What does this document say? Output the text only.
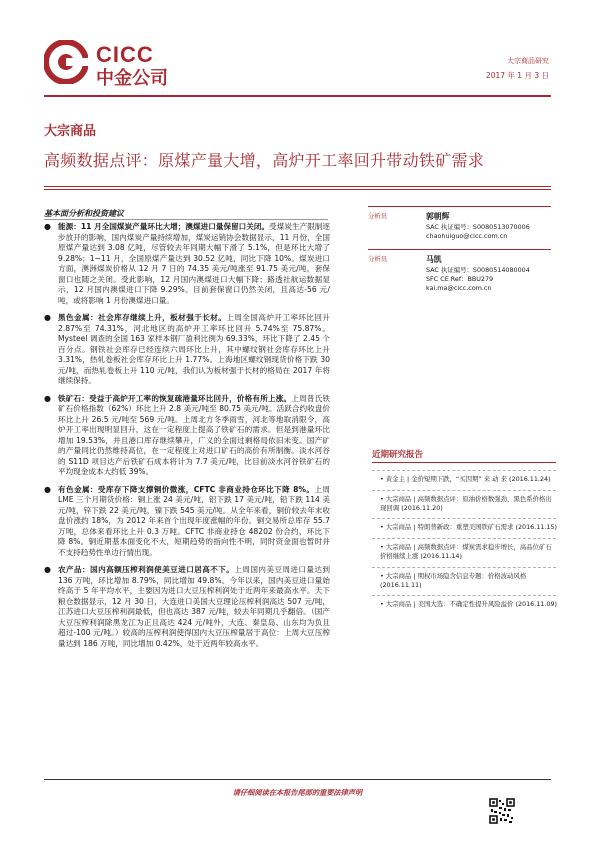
CICC
中金公司
大宗商品研究
2017 年 1 月 3 日
大宗商品
高频数据点评：原煤产量大增，高炉开工率回升带动铁矿需求
基本面分析和投资建议
● 能源：11 月全国煤炭产量环比大增；澳煤进口量保留口关闭。受煤炭生产限制逐步放开的影响，国内煤炭产量持续增加，煤炭运销协会数据显示，11 月份，全国原煤产量达到 3.08 亿吨，尽管较去年同期大幅下滑了 5.1%，但是环比大增了 9.28%；1~11 月，全国原煤产量达到 30.52 亿吨，同比下降 10%。煤炭进口方面，澳洲煤炭价格从 12 月 7 日的 74.35 美元/吨涨至 91.75 美元/吨，套保窗口也随之关闭。受此影响，12 月国内澳煤进口大幅下降；路透社航运数据显示，12 月国内澳煤进口下降 9.29%。目前套保窗口仍然关闭，且高达-56 元/吨，或将影响 1 月份澳煤进口量。
● 黑色金属：社会库存继续上升，板材强于长材。上周全国高炉开工率环比回升 2.87%至 74.31%，河北地区的高炉开工率环比回升 5.74%至 75.87%。Mysteel 调查的全国 163 家样本钢厂盈利比例为 69.33%，环比下降了 2.45 个百分点。钢铁社会库存已经连续六周环比上升，其中螺纹钢社会库存环比上升 3.31%，热轧卷板社会库存环比上升 1.77%。上海地区螺纹钢现货价格下跌 30 元/吨，而热轧卷板上升 110 元/吨，我们认为板材强于长材的格局在 2017 年将继续保持。
● 铁矿石：受益于高炉开工率的恢复疏港量环比回升，价格有所上涨。上周普氏铁矿石价格指数（62%）环比上升 2.8 美元/吨至 80.75 美元/吨。活跃合约收盘价环比上升 26.5 元/吨至 569 元/吨。上周北方冬季雨雪，河北等地取消限令，高炉开工率出现明显回升，这在一定程度上提高了铁矿石的需求。但是到港量环比增加 19.53%，并且港口库存继续攀升，广义的全面过剩格局依旧未变。国产矿的产量同比仍然维持高位，在一定程度上对进口矿石的高价有所制衡。淡水河谷的 S11D 项目达产后铁矿石成本将计为 7.7 美元/吨，比目前淡水河谷铁矿石的平均现金成本大约低 39%。
● 有色金属：受库存下降支撑铜价微涨，CFTC 非商业持仓环比下降 8%。上周 LME 三个月期货价格：铜上涨 24 美元/吨，铝下跌 17 美元/吨，铅下跌 114 美元/吨，锌下跌 22 美元/吨，镍下跌 545 美元/吨。从全年来看，铜价较去年末收盘价涨约 18%，为 2012 年来首个出现年度涨幅的年份。铜交易所总库存 55.7 万吨，总体来看环比上升 0.3 万吨。CFTC 非商业持仓 48202 份合约，环比下降 8%。铜近期基本面变化不大，短期趋势的指向性不明，同时资金面也暂时并不支持趋势性单边行情出现。
● 农产品：国内高额压榨利润使美豆进口居高不下。上周国内美豆周进口量达到 136 万吨，环比增加 8.79%，同比增加 49.8%。今年以来，国内美豆进口量始终高于 5 年平均水平，主要因为进口大豆压榨利润处于近两年来最高水平。天下粮仓数据显示，12 月 30 日，大连进口美国大豆理论压榨利润高达 507 元/吨，江苏进口大豆压榨利润最低，但也高达 387 元/吨，较去年同期几乎翻倍。（国产大豆压榨利润除黑龙江为正且高达 424 元/吨外，大连、秦皇岛、山东均为负且超过-100 元/吨。）较高的压榨利润使得国内大豆压榨量居于高位：上周大豆压榨量达到 186 万吨，同比增加 0.42%，处于近两年较高水平。
分析员	郭朝辉
SAC 执证编号：S0080513070006
chaohuiguo@cicc.com.cn
分析员	马凯
SAC 执证编号：S0080514080004
SFC CE Ref：BBU279
kai.ma@cicc.com.cn
近期研究报告
• 黄金主 | 金价短期下跌，“买因期” 来 动 来 (2016.11.24)
• 大宗商品 | 高频数据点评：原油价格数强劲，黑色系价格出现回调 (2016.11.20)
• 大宗商品 | 特朗普新政：重塑美国铁矿石需求 (2016.11.15)
• 大宗商品 | 高频数据点评：煤炭需求稳步增长，高品位矿石价格继续上涨 (2016.11.14)
• 大宗商品 | 期权市场隐含信息专题：价格波动风格 (2016.11.11)
• 大宗商品 | 美国大选：不确定性提升风险溢价 (2016.11.09)
请仔细阅读在本报告尾部的重要法律声明
